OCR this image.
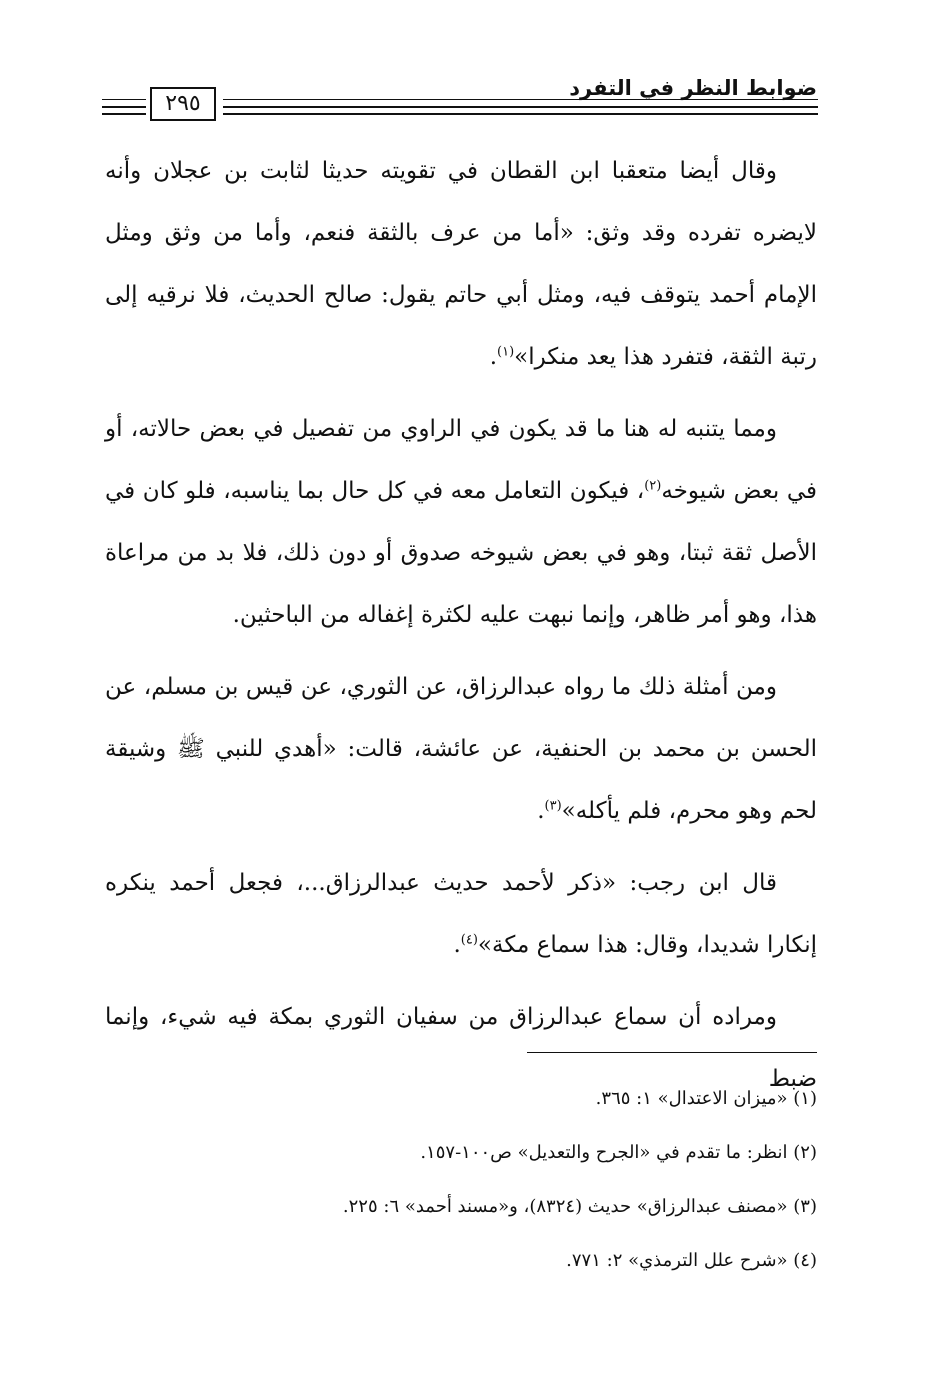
ضوابط النظر في التفرد
٢٩٥

وقال أيضا متعقبا ابن القطان في تقويته حديثا لثابت بن عجلان وأنه لايضره تفرده وقد وثق: «أما من عرف بالثقة فنعم، وأما من وثق ومثل الإمام أحمد يتوقف فيه، ومثل أبي حاتم يقول: صالح الحديث، فلا نرقيه إلى رتبة الثقة، فتفرد هذا يعد منكرا»$^{(١)}$.

ومما يتنبه له هنا ما قد يكون في الراوي من تفصيل في بعض حالاته، أو في بعض شيوخه$^{(٢)}$، فيكون التعامل معه في كل حال بما يناسبه، فلو كان في الأصل ثقة ثبتا، وهو في بعض شيوخه صدوق أو دون ذلك، فلا بد من مراعاة هذا، وهو أمر ظاهر، وإنما نبهت عليه لكثرة إغفاله من الباحثين.

ومن أمثلة ذلك ما رواه عبدالرزاق، عن الثوري، عن قيس بن مسلم، عن الحسن بن محمد بن الحنفية، عن عائشة، قالت: «أهدي للنبي ﷺ وشيقة لحم وهو محرم، فلم يأكله»$^{(٣)}$.

قال ابن رجب: «ذكر لأحمد حديث عبدالرزاق...، فجعل أحمد ينكره إنكارا شديدا، وقال: هذا سماع مكة»$^{(٤)}$.

ومراده أن سماع عبدالرزاق من سفيان الثوري بمكة فيه شيء، وإنما ضبط

(١) «ميزان الاعتدال» ١: ٣٦٥.

(٢) انظر: ما تقدم في «الجرح والتعديل» ص١٠٠-١٥٧.

(٣) «مصنف عبدالرزاق» حديث (٨٣٢٤)، و«مسند أحمد» ٦: ٢٢٥.

(٤) «شرح علل الترمذي» ٢: ٧٧١.
